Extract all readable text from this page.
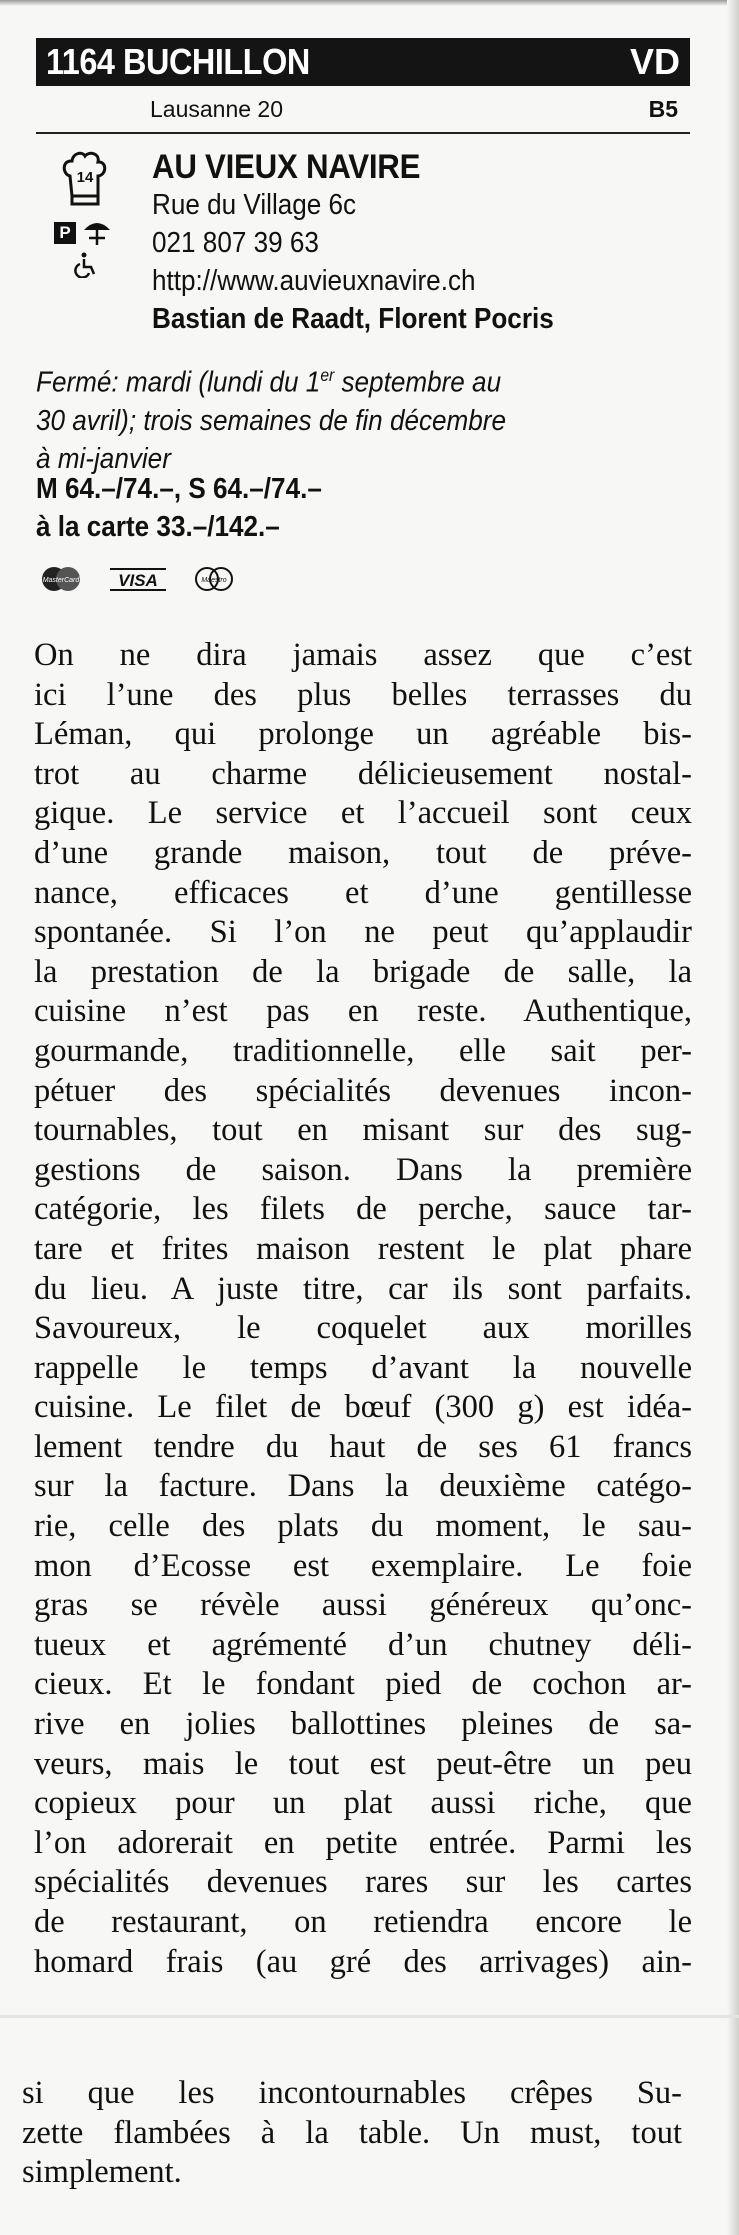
1164 BUCHILLON	VD
Lausanne 20	B5
14
P
AU VIEUX NAVIRE
Rue du Village 6c
021 807 39 63
http://www.auvieuxnavire.ch
Bastian de Raadt, Florent Pocris
Fermé: mardi (lundi du 1er septembre au
30 avril); trois semaines de fin décembre
à mi-janvier
M 64.–/74.–, S 64.–/74.–
à la carte 33.–/142.–
MasterCard VISA	Maestro
On ne dira jamais assez que c’est
ici l’une des plus belles terrasses du
Léman, qui prolonge un agréable bis-
trot au charme délicieusement nostal-
gique. Le service et l’accueil sont ceux
d’une grande maison, tout de préve-
nance, efficaces et d’une gentillesse
spontanée. Si l’on ne peut qu’applaudir
la prestation de la brigade de salle, la
cuisine n’est pas en reste. Authentique,
gourmande, traditionnelle, elle sait per-
pétuer des spécialités devenues incon-
tournables, tout en misant sur des sug-
gestions de saison. Dans la première
catégorie, les filets de perche, sauce tar-
tare et frites maison restent le plat phare
du lieu. A juste titre, car ils sont parfaits.
Savoureux, le coquelet aux morilles
rappelle le temps d’avant la nouvelle
cuisine. Le filet de bœuf (300 g) est idéa-
lement tendre du haut de ses 61 francs
sur la facture. Dans la deuxième catégo-
rie, celle des plats du moment, le sau-
mon d’Ecosse est exemplaire. Le foie
gras se révèle aussi généreux qu’onc-
tueux et agrémenté d’un chutney déli-
cieux. Et le fondant pied de cochon ar-
rive en jolies ballottines pleines de sa-
veurs, mais le tout est peut-être un peu
copieux pour un plat aussi riche, que
l’on adorerait en petite entrée. Parmi les
spécialités devenues rares sur les cartes
de restaurant, on retiendra encore le
homard frais (au gré des arrivages) ain-
si que les incontournables crêpes Su-
zette flambées à la table. Un must, tout
simplement.
